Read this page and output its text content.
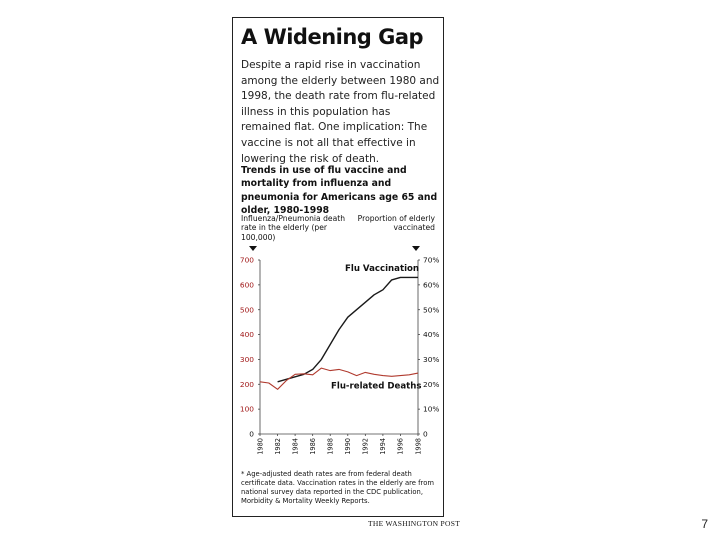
A Widening Gap

Despite a rapid rise in vaccination among the elderly between 1980 and 1998, the death rate from flu-related illness in this population has remained flat. One implication: The vaccine is not all that effective in lowering the risk of death.

Trends in use of flu vaccine and mortality from influenza and pneumonia for Americans age 65 and older, 1980-1998

Influenza/Pneumonia death rate in the elderly (per 100,000)

Proportion of elderly vaccinated

* Age-adjusted death rates are from federal death certificate data. Vaccination rates in the elderly are from national survey data reported in the CDC publication, Morbidity & Mortality Weekly Reports.

0
100
200
300
400
500
600
700
0
10%
20%
30%
40%
50%
60%
70%
1980 1982 1984 1986 1988 1990 1992 1994 1996 1998
Flu Vaccination
Flu-related Deaths

THE WASHINGTON POST	7
